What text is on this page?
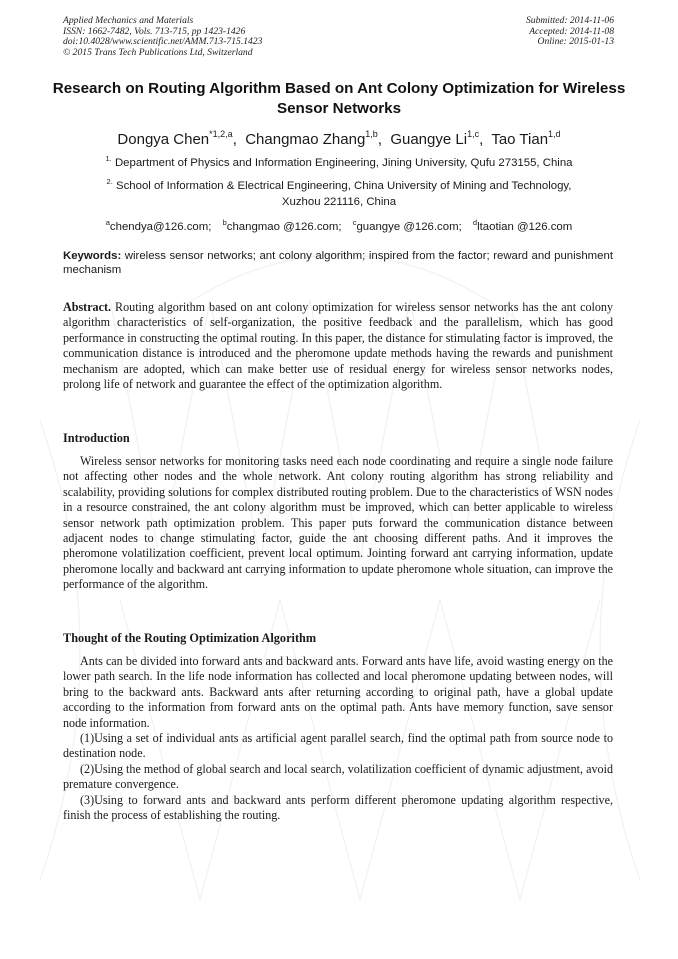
Applied Mechanics and Materials
ISSN: 1662-7482, Vols. 713-715, pp 1423-1426
doi:10.4028/www.scientific.net/AMM.713-715.1423
© 2015 Trans Tech Publications Ltd, Switzerland
Submitted: 2014-11-06
Accepted: 2014-11-08
Online: 2015-01-13
Research on Routing Algorithm Based on Ant Colony Optimization for Wireless Sensor Networks
Dongya Chen$^{*1,2,a}$, Changmao Zhang$^{1,b}$, Guangye Li$^{1,c}$, Tao Tian$^{1,d}$
$^{1.}$ Department of Physics and Information Engineering, Jining University, Qufu 273155, China
$^{2.}$ School of Information & Electrical Engineering, China University of Mining and Technology,
Xuzhou 221116, China
$^a$chendya@126.com; $^b$changmao @126.com; $^c$guangye @126.com; $^d$ltaotian @126.com
Keywords: wireless sensor networks; ant colony algorithm; inspired from the factor; reward and punishment mechanism
Abstract. Routing algorithm based on ant colony optimization for wireless sensor networks has the ant colony algorithm characteristics of self-organization, the positive feedback and the parallelism, which has good performance in constructing the optimal routing. In this paper, the distance for stimulating factor is improved, the communication distance is introduced and the pheromone update methods having the rewards and punishment mechanism are adopted, which can make better use of residual energy for wireless sensor networks nodes, prolong life of network and guarantee the effect of the optimization algorithm.
Introduction
Wireless sensor networks for monitoring tasks need each node coordinating and require a single node failure not affecting other nodes and the whole network. Ant colony routing algorithm has strong reliability and scalability, providing solutions for complex distributed routing problem. Due to the characteristics of WSN nodes in a resource constrained, the ant colony algorithm must be improved, which can better applicable to wireless sensor network path optimization problem. This paper puts forward the communication distance between adjacent nodes to change stimulating factor, guide the ant choosing different paths. And it improves the pheromone volatilization coefficient, prevent local optimum. Jointing forward ant carrying information, update pheromone locally and backward ant carrying information to update pheromone whole situation, can improve the performance of the algorithm.
Thought of the Routing Optimization Algorithm
Ants can be divided into forward ants and backward ants. Forward ants have life, avoid wasting energy on the lower path search. In the life node information has collected and local pheromone updating between nodes, will bring to the backward ants. Backward ants after returning according to original path, have a global update according to the information from forward ants on the optimal path. Ants have memory function, save sensor node information.
(1)Using a set of individual ants as artificial agent parallel search, find the optimal path from source node to destination node.
(2)Using the method of global search and local search, volatilization coefficient of dynamic adjustment, avoid premature convergence.
(3)Using to forward ants and backward ants perform different pheromone updating algorithm respective, finish the process of establishing the routing.
